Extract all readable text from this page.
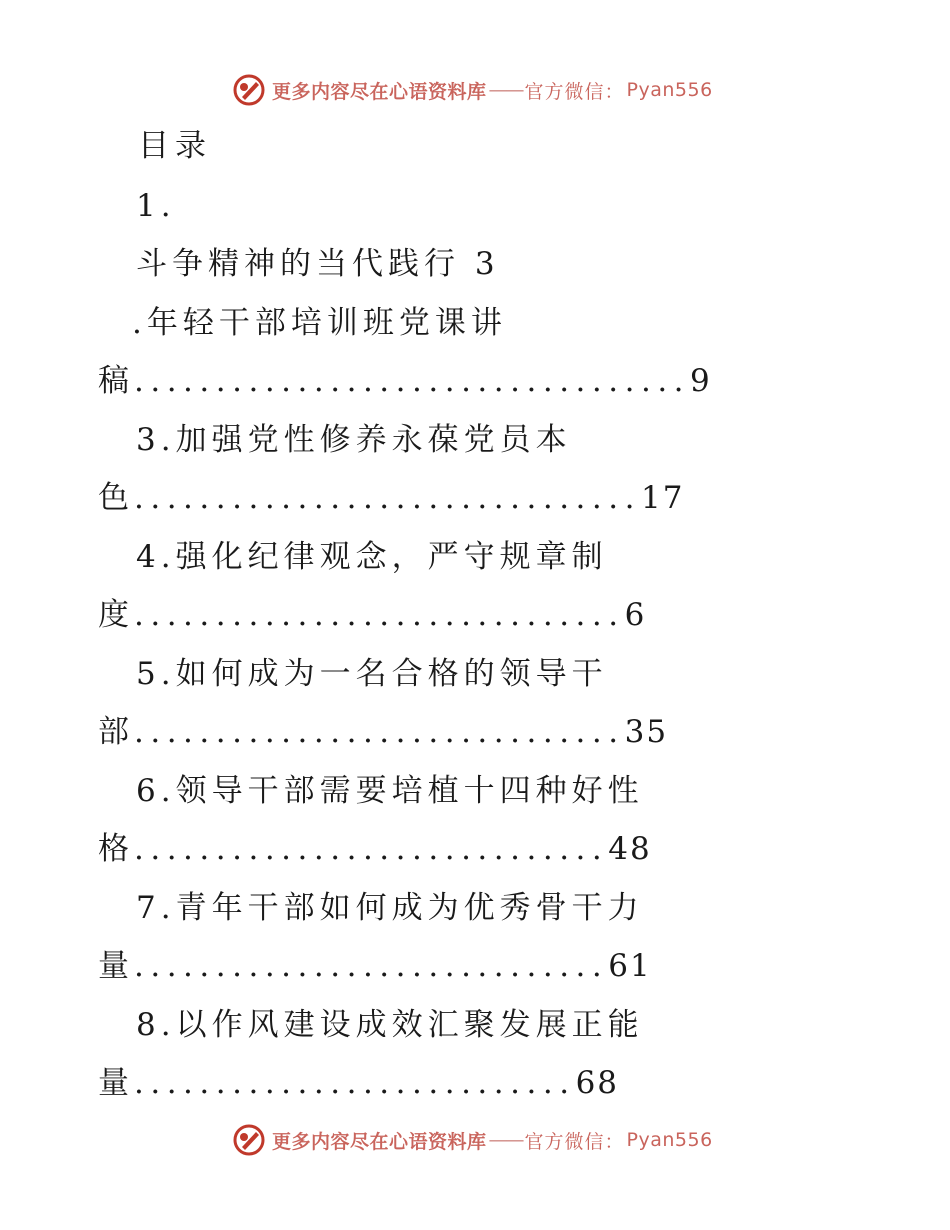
更多内容尽在心语资料库 —— 官方微信： Pyan556
目录
1.
斗争精神的当代践行 3
.年轻干部培训班党课讲
稿..................................9
3.加强党性修养永葆党员本
色...............................17
4.强化纪律观念，严守规章制
度..............................6
5.如何成为一名合格的领导干
部..............................35
6.领导干部需要培植十四种好性
格.............................48
7.青年干部如何成为优秀骨干力
量.............................61
8.以作风建设成效汇聚发展正能
量...........................68
更多内容尽在心语资料库 —— 官方微信： Pyan556
